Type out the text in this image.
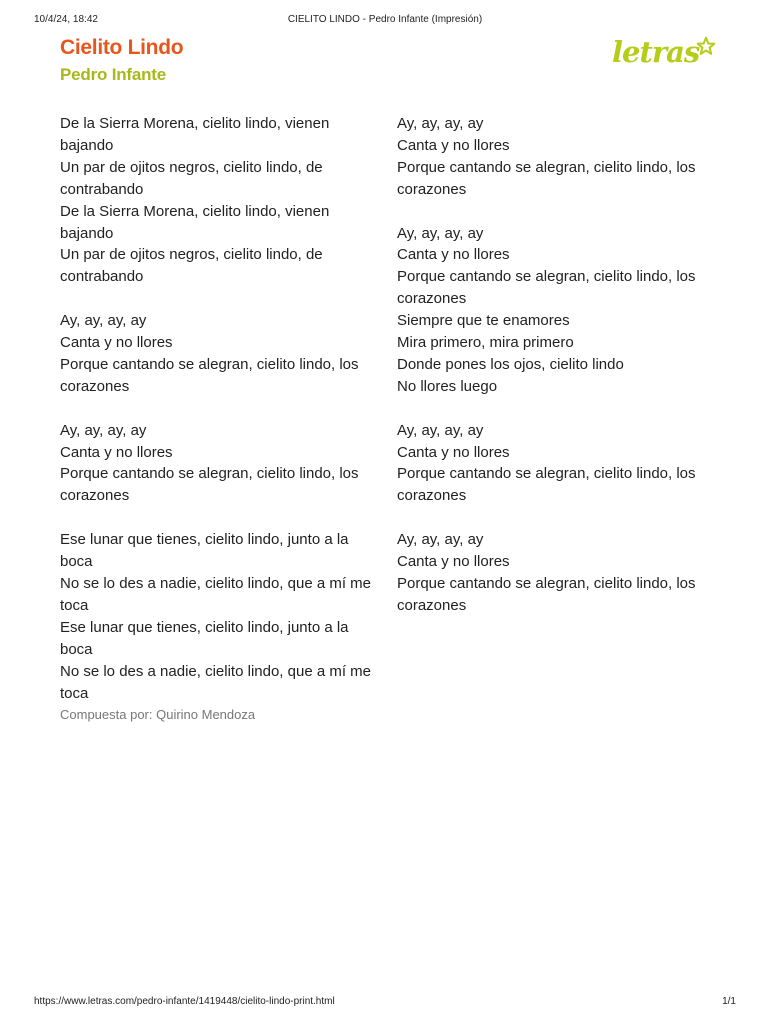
10/4/24, 18:42	CIELITO LINDO - Pedro Infante (Impresión)
Cielito Lindo
Pedro Infante
letras

De la Sierra Morena, cielito lindo, vienen bajando
Un par de ojitos negros, cielito lindo, de contrabando
De la Sierra Morena, cielito lindo, vienen bajando
Un par de ojitos negros, cielito lindo, de contrabando

Ay, ay, ay, ay
Canta y no llores
Porque cantando se alegran, cielito lindo, los corazones

Ay, ay, ay, ay
Canta y no llores
Porque cantando se alegran, cielito lindo, los corazones

Ese lunar que tienes, cielito lindo, junto a la boca
No se lo des a nadie, cielito lindo, que a mí me toca
Ese lunar que tienes, cielito lindo, junto a la boca
No se lo des a nadie, cielito lindo, que a mí me toca

Compuesta por: Quirino Mendoza

Ay, ay, ay, ay
Canta y no llores
Porque cantando se alegran, cielito lindo, los corazones

Ay, ay, ay, ay
Canta y no llores
Porque cantando se alegran, cielito lindo, los corazones
Siempre que te enamores
Mira primero, mira primero
Donde pones los ojos, cielito lindo
No llores luego

Ay, ay, ay, ay
Canta y no llores
Porque cantando se alegran, cielito lindo, los corazones

Ay, ay, ay, ay
Canta y no llores
Porque cantando se alegran, cielito lindo, los corazones

https://www.letras.com/pedro-infante/1419448/cielito-lindo-print.html	1/1
